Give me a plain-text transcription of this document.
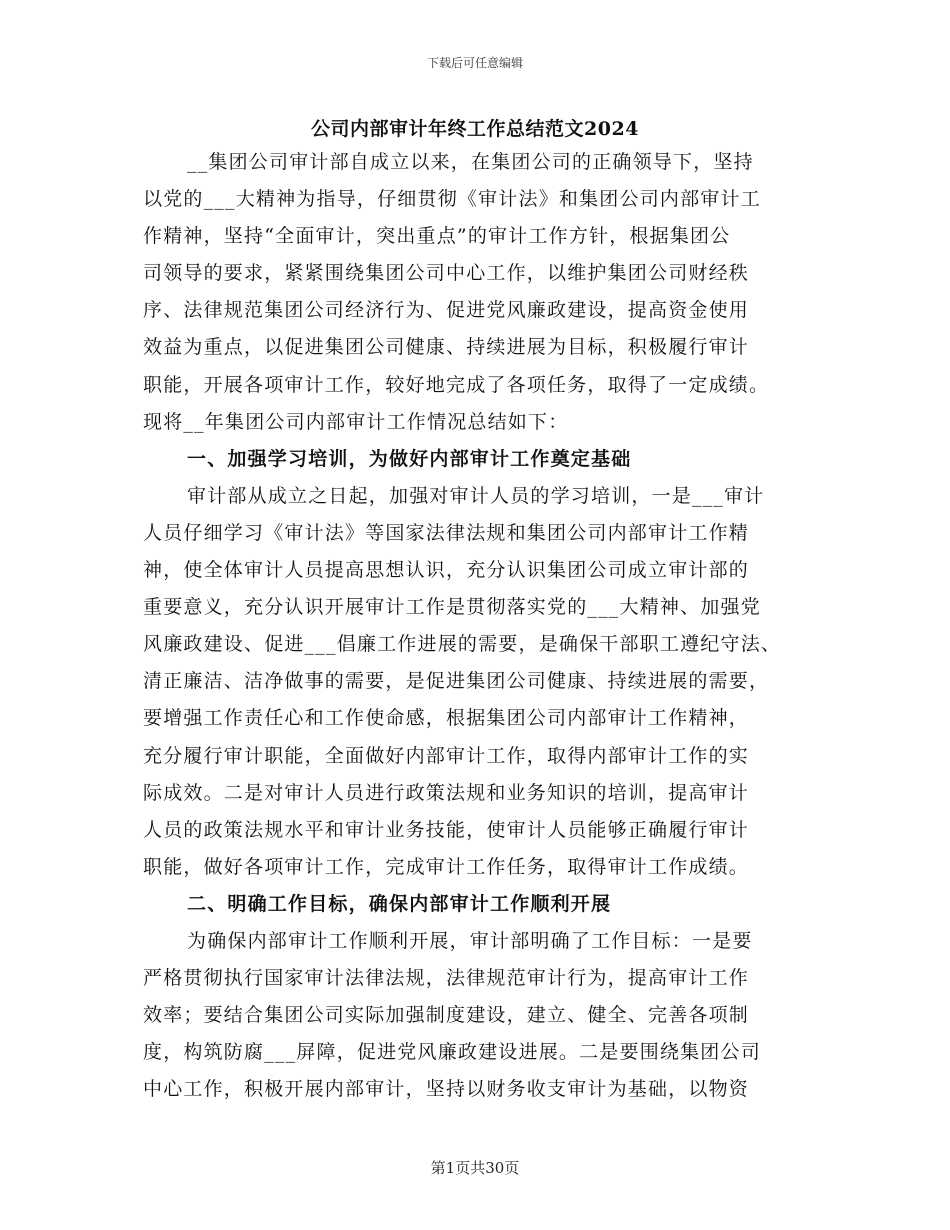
下载后可任意编辑
公司内部审计年终工作总结范文2024
__集团公司审计部自成立以来，在集团公司的正确领导下，坚持
以党的___大精神为指导，仔细贯彻《审计法》和集团公司内部审计工
作精神，坚持“全面审计，突出重点”的审计工作方针，根据集团公
司领导的要求，紧紧围绕集团公司中心工作，以维护集团公司财经秩
序、法律规范集团公司经济行为、促进党风廉政建设，提高资金使用
效益为重点，以促进集团公司健康、持续进展为目标，积极履行审计
职能，开展各项审计工作，较好地完成了各项任务，取得了一定成绩。
现将__年集团公司内部审计工作情况总结如下：
一、加强学习培训，为做好内部审计工作奠定基础
审计部从成立之日起，加强对审计人员的学习培训，一是___审计
人员仔细学习《审计法》等国家法律法规和集团公司内部审计工作精
神，使全体审计人员提高思想认识，充分认识集团公司成立审计部的
重要意义，充分认识开展审计工作是贯彻落实党的___大精神、加强党
风廉政建设、促进___倡廉工作进展的需要，是确保干部职工遵纪守法、
清正廉洁、洁净做事的需要，是促进集团公司健康、持续进展的需要，
要增强工作责任心和工作使命感，根据集团公司内部审计工作精神，
充分履行审计职能，全面做好内部审计工作，取得内部审计工作的实
际成效。二是对审计人员进行政策法规和业务知识的培训，提高审计
人员的政策法规水平和审计业务技能，使审计人员能够正确履行审计
职能，做好各项审计工作，完成审计工作任务，取得审计工作成绩。
二、明确工作目标，确保内部审计工作顺利开展
为确保内部审计工作顺利开展，审计部明确了工作目标：一是要
严格贯彻执行国家审计法律法规，法律规范审计行为，提高审计工作
效率；要结合集团公司实际加强制度建设，建立、健全、完善各项制
度，构筑防腐___屏障，促进党风廉政建设进展。二是要围绕集团公司
中心工作，积极开展内部审计，坚持以财务收支审计为基础，以物资
第1页共30页
